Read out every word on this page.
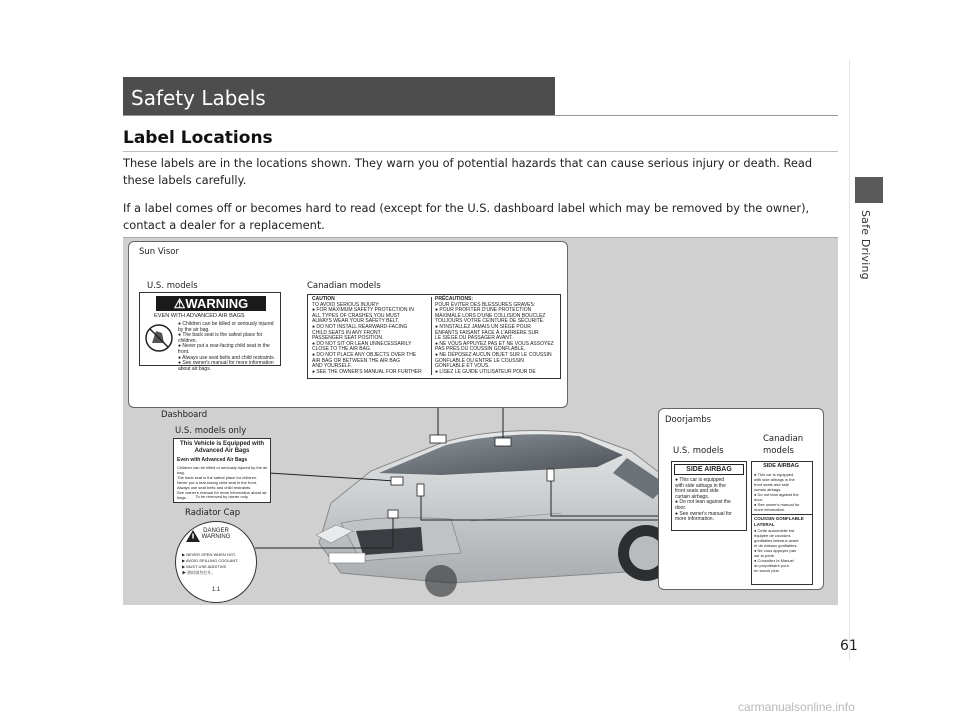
Safe Driving
Safety Labels
Label Locations

These labels are in the locations shown. They warn you of potential hazards that can cause serious injury or death. Read these labels carefully.

If a label comes off or becomes hard to read (except for the U.S. dashboard label which may be removed by the owner), contact a dealer for a replacement.

Sun Visor
U.S. models	Canadian models
⚠WARNING
EVEN WITH ADVANCED AIR BAGS
● Children can be killed or seriously injured by the air bag.
● The back seat is the safest place for children.
● Never put a rear-facing child seat in the front.
● Always use seat belts and child restraints.
● See owner's manual for more information about air bags.
CAUTION
TO AVOID SERIOUS INJURY:
● FOR MAXIMUM SAFETY PROTECTION IN
ALL TYPES OF CRASHES,YOU MUST
ALWAYS WEAR YOUR SAFETY BELT.
● DO NOT INSTALL REARWARD-FACING
CHILD SEATS IN ANY FRONT
PASSENGER SEAT POSITION.
● DO NOT SIT OR LEAN UNNECESSARILY
CLOSE TO THE AIR BAG.
● DO NOT PLACE ANY OBJECTS OVER THE
AIR BAG OR BETWEEN THE AIR BAG
AND YOURSELF.
● SEE THE OWNER'S MANUAL FOR FURTHER
PRÉCAUTIONS:
POUR ÉVITER DES BLESSURES GRAVES:
● POUR PROFITER D'UNE PROTECTION
MAXIMALE LORS D'UNE COLLISION BOUCLEZ
TOUJOURS VOTRE CEINTURE DE SÉCURITÉ.
● N'INSTALLEZ JAMAIS UN SIÈGE POUR
ENFANTS FAISANT FACE À L'ARRIÈRE SUR
LE SIÈGE DU PASSAGER AVANT.
● NE VOUS APPUYEZ PAS ET NE VOUS ASSOYEZ
PAS PRÈS DU COUSSIN GONFLABLE.
● NE DÉPOSEZ AUCUN OBJET SUR LE COUSSIN
GONFLABLE OU ENTRE LE COUSSIN
GONFLABLE ET VOUS.
● LISEZ LE GUIDE UTILISATEUR POUR DE
Dashboard
U.S. models only
This Vehicle is Equipped with Advanced Air Bags
Even with Advanced Air Bags
Children can be killed or seriously injured by the air bag.
The back seat is the safest place for children.
Never put a rear-facing child seat in the front.
Always use seat belts and child restraints.
See owner's manual for more information about air bags.	To be removed by owner only.
Radiator Cap
DANGER
WARNING
▶ NEVER OPEN WHEN HOT.
▶ AVOID SPILLING COOLANT.
▶ MUST USE ADDITIVE.
▶ 热时请勿打开。
1.1
Doorjambs
U.S. models
Canadian
models
SIDE AIRBAG
● This car is equipped
with side airbags in the
front seats and side
curtain airbags.
● Do not lean against the
door.
● See owner's manual for
more information.
SIDE AIRBAG
● This car is equipped
with side airbags in the
front seats and side
curtain airbags.
● Do not lean against the
door.
● See owner's manual for
more information.
COUSSIN GONFLABLE LATERAL
● Cette automobile est
équipée de coussins
gonflables latéraux avant
et de rideaux gonflables.
● Ne vous appuyez pas
sur la porte.
● Consultez le Manuel
du propriétaire pour
en savoir plus.
61
carmanualsonline.info
